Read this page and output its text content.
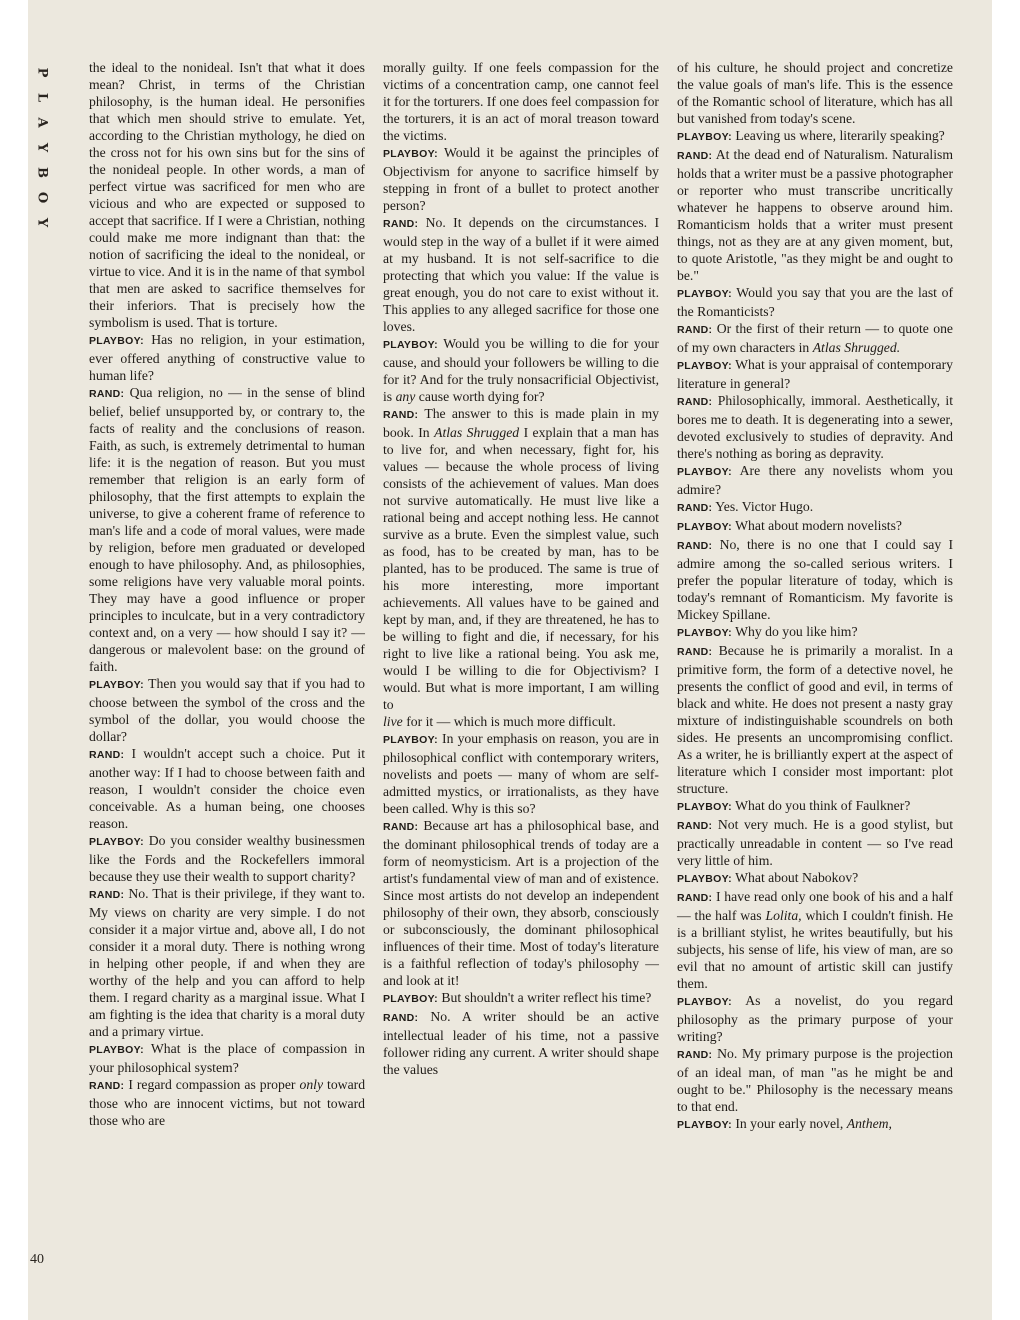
P
L
A
Y
B
O
Y
40

the ideal to the nonideal. Isn't that what it does mean? Christ, in terms of the Christian philosophy, is the human ideal. He personifies that which men should strive to emulate. Yet, according to the Christian mythology, he died on the cross not for his own sins but for the sins of the nonideal people. In other words, a man of perfect virtue was sacrificed for men who are vicious and who are expected or supposed to accept that sacrifice. If I were a Christian, nothing could make me more indignant than that: the notion of sacrificing the ideal to the nonideal, or virtue to vice. And it is in the name of that symbol that men are asked to sacrifice themselves for their inferiors. That is precisely how the symbolism is used. That is torture.

PLAYBOY: Has no religion, in your estimation, ever offered anything of constructive value to human life?

RAND: Qua religion, no — in the sense of blind belief, belief unsupported by, or contrary to, the facts of reality and the conclusions of reason. Faith, as such, is extremely detrimental to human life: it is the negation of reason. But you must remember that religion is an early form of philosophy, that the first attempts to explain the universe, to give a coherent frame of reference to man's life and a code of moral values, were made by religion, before men graduated or developed enough to have philosophy. And, as philosophies, some religions have very valuable moral points. They may have a good influence or proper principles to inculcate, but in a very contradictory context and, on a very — how should I say it? — dangerous or malevolent base: on the ground of faith.

PLAYBOY: Then you would say that if you had to choose between the symbol of the cross and the symbol of the dollar, you would choose the dollar?

RAND: I wouldn't accept such a choice. Put it another way: If I had to choose between faith and reason, I wouldn't consider the choice even conceivable. As a human being, one chooses reason.

PLAYBOY: Do you consider wealthy businessmen like the Fords and the Rockefellers immoral because they use their wealth to support charity?

RAND: No. That is their privilege, if they want to. My views on charity are very simple. I do not consider it a major virtue and, above all, I do not consider it a moral duty. There is nothing wrong in helping other people, if and when they are worthy of the help and you can afford to help them. I regard charity as a marginal issue. What I am fighting is the idea that charity is a moral duty and a primary virtue.

PLAYBOY: What is the place of compassion in your philosophical system?

RAND: I regard compassion as proper only toward those who are innocent victims, but not toward those who are

morally guilty. If one feels compassion for the victims of a concentration camp, one cannot feel it for the torturers. If one does feel compassion for the torturers, it is an act of moral treason toward the victims.

PLAYBOY: Would it be against the principles of Objectivism for anyone to sacrifice himself by stepping in front of a bullet to protect another person?

RAND: No. It depends on the circumstances. I would step in the way of a bullet if it were aimed at my husband. It is not self-sacrifice to die protecting that which you value: If the value is great enough, you do not care to exist without it. This applies to any alleged sacrifice for those one loves.

PLAYBOY: Would you be willing to die for your cause, and should your followers be willing to die for it? And for the truly nonsacrificial Objectivist, is any cause worth dying for?

RAND: The answer to this is made plain in my book. In Atlas Shrugged I explain that a man has to live for, and when necessary, fight for, his values — because the whole process of living consists of the achievement of values. Man does not survive automatically. He must live like a rational being and accept nothing less. He cannot survive as a brute. Even the simplest value, such as food, has to be created by man, has to be planted, has to be produced. The same is true of his more interesting, more important achievements. All values have to be gained and kept by man, and, if they are threatened, he has to be willing to fight and die, if necessary, for his right to live like a rational being. You ask me, would I be willing to die for Objectivism? I would. But what is more important, I am willing to

live for it — which is much more difficult.

PLAYBOY: In your emphasis on reason, you are in philosophical conflict with contemporary writers, novelists and poets — many of whom are self-admitted mystics, or irrationalists, as they have been called. Why is this so?

RAND: Because art has a philosophical base, and the dominant philosophical trends of today are a form of neomysticism. Art is a projection of the artist's fundamental view of man and of existence. Since most artists do not develop an independent philosophy of their own, they absorb, consciously or subconsciously, the dominant philosophical influences of their time. Most of today's literature is a faithful reflection of today's philosophy — and look at it!

PLAYBOY: But shouldn't a writer reflect his time?

RAND: No. A writer should be an active intellectual leader of his time, not a passive follower riding any current. A writer should shape the values

of his culture, he should project and concretize the value goals of man's life. This is the essence of the Romantic school of literature, which has all but vanished from today's scene.

PLAYBOY: Leaving us where, literarily speaking?

RAND: At the dead end of Naturalism. Naturalism holds that a writer must be a passive photographer or reporter who must transcribe uncritically whatever he happens to observe around him. Romanticism holds that a writer must present things, not as they are at any given moment, but, to quote Aristotle, "as they might be and ought to be."

PLAYBOY: Would you say that you are the last of the Romanticists?

RAND: Or the first of their return — to quote one of my own characters in Atlas Shrugged.

PLAYBOY: What is your appraisal of contemporary literature in general?

RAND: Philosophically, immoral. Aesthetically, it bores me to death. It is degenerating into a sewer, devoted exclusively to studies of depravity. And there's nothing as boring as depravity.

PLAYBOY: Are there any novelists whom you admire?

RAND: Yes. Victor Hugo.

PLAYBOY: What about modern novelists?

RAND: No, there is no one that I could say I admire among the so-called serious writers. I prefer the popular literature of today, which is today's remnant of Romanticism. My favorite is Mickey Spillane.

PLAYBOY: Why do you like him?

RAND: Because he is primarily a moralist. In a primitive form, the form of a detective novel, he presents the conflict of good and evil, in terms of black and white. He does not present a nasty gray mixture of indistinguishable scoundrels on both sides. He presents an uncompromising conflict. As a writer, he is brilliantly expert at the aspect of literature which I consider most important: plot structure.

PLAYBOY: What do you think of Faulkner?

RAND: Not very much. He is a good stylist, but practically unreadable in content — so I've read very little of him.

PLAYBOY: What about Nabokov?

RAND: I have read only one book of his and a half — the half was Lolita, which I couldn't finish. He is a brilliant stylist, he writes beautifully, but his subjects, his sense of life, his view of man, are so evil that no amount of artistic skill can justify them.

PLAYBOY: As a novelist, do you regard philosophy as the primary purpose of your writing?

RAND: No. My primary purpose is the projection of an ideal man, of man "as he might be and ought to be." Philosophy is the necessary means to that end.

PLAYBOY: In your early novel, Anthem,
